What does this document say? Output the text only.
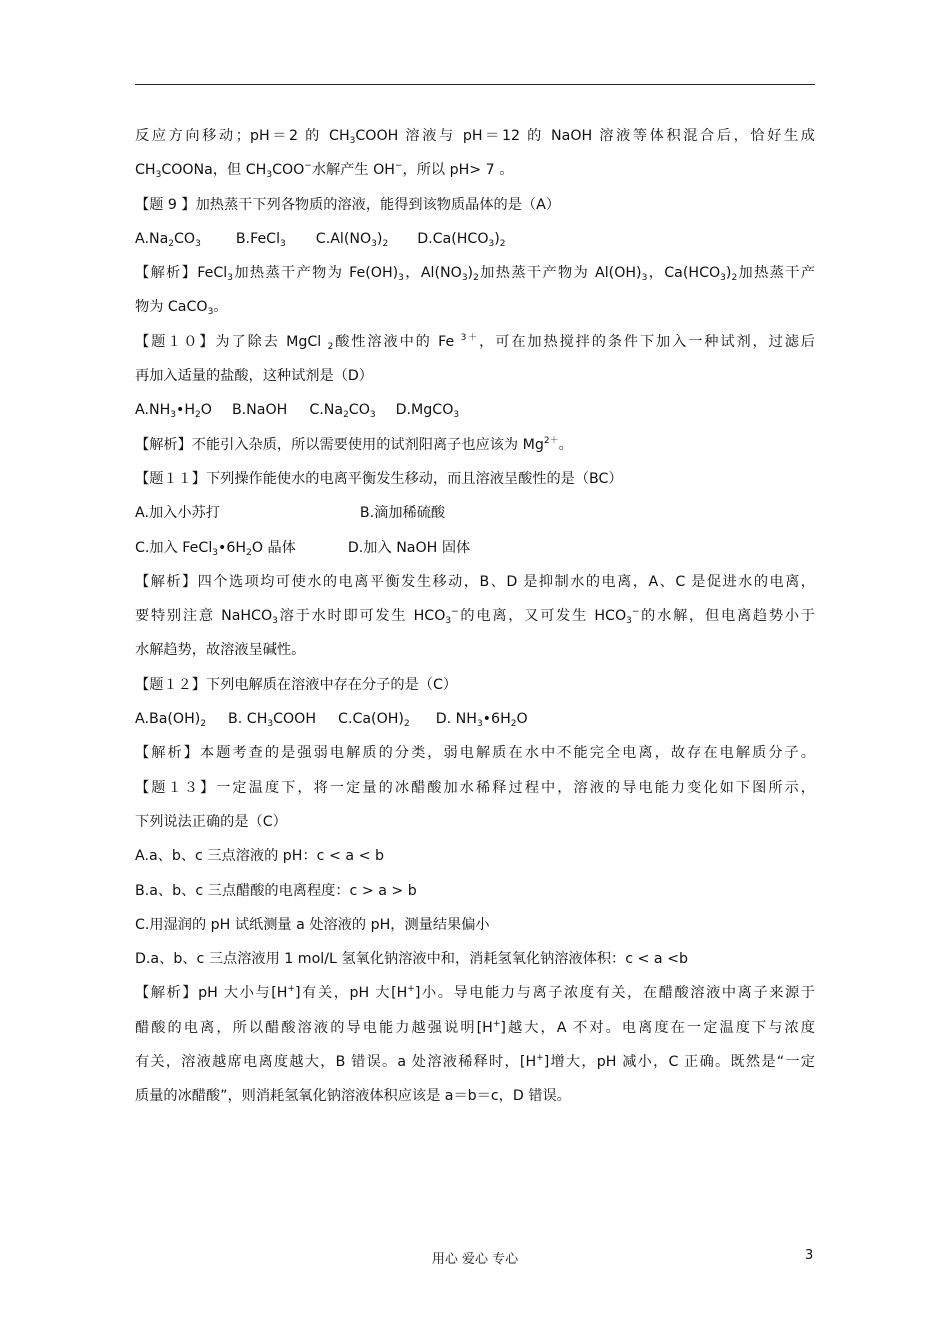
反应方向移动；pH＝2 的 $CH_3COOH$ 溶液与 pH＝12 的 NaOH 溶液等体积混合后，恰好生成
$CH_3COONa$，但 $CH_3COO^-$水解产生 OH−，所以 pH> 7 。
【题 9 】加热蒸干下列各物质的溶液，能得到该物质晶体的是（A）
$A.Na_2CO_3$ B.FeCl$_3$ $C.Al(NO_3)_2$ $D.Ca(HCO_3)_2$
【解析】FeCl$_3$加热蒸干产物为 $Fe(OH)_3$，$Al(NO_3)_2$加热蒸干产物为 $Al(OH)_3$，$Ca(HCO_3)_2$加热蒸干产
物为 CaCO$_3$。
【题１０】为了除去 MgCl $_2$酸性溶液中的 Fe $^{3+}$，可在加热搅拌的条件下加入一种试剂，过滤后
再加入适量的盐酸，这种试剂是（D）
$A.NH_3•H_2O$ B.NaOH $C.Na_2CO_3$ D.MgCO$_3$
【解析】不能引入杂质，所以需要使用的试剂阳离子也应该为 $Mg^{2+}$。
【题１１】下列操作能使水的电离平衡发生移动，而且溶液呈酸性的是（BC）
A.加入小苏打	B.滴加稀硫酸
C.加入 $FeCl_3•6H_2O$ 晶体	D.加入 NaOH 固体
【解析】四个选项均可使水的电离平衡发生移动，B、D 是抑制水的电离，A、C 是促进水的电离，
要特别注意 NaHCO$_3$溶于水时即可发生 $HCO_3^-$的电离，又可发生 $HCO_3^-$的水解，但电离趋势小于
水解趋势，故溶液呈碱性。
【题１２】下列电解质在溶液中存在分子的是（C）
$A.Ba(OH)_2$ B. $CH_3COOH$ $C.Ca(OH)_2$ D. $NH_3•6H_2O$
【解析】本题考查的是强弱电解质的分类，弱电解质在水中不能完全电离，故存在电解质分子。
【题１３】一定温度下，将一定量的冰醋酸加水稀释过程中，溶液的导电能力变化如下图所示，
下列说法正确的是（C）
A.a、b、c 三点溶液的 pH：c < a < b
B.a、b、c 三点醋酸的电离程度：c > a > b
C.用湿润的 pH 试纸测量 a 处溶液的 pH，测量结果偏小
D.a、b、c 三点溶液用 1 mol/L 氢氧化钠溶液中和，消耗氢氧化钠溶液体积：c < a <b
【解析】pH 大小与[H+]有关，pH 大[H+]小。导电能力与离子浓度有关，在醋酸溶液中离子来源于
醋酸的电离，所以醋酸溶液的导电能力越强说明[H+]越大，A 不对。电离度在一定温度下与浓度
有关，溶液越席电离度越大，B 错误。a 处溶液稀释时，[H+]增大，pH 减小，C 正确。既然是“一定
质量的冰醋酸”，则消耗氢氧化钠溶液体积应该是 a＝b＝c，D 错误。
用心 爱心 专心	3
